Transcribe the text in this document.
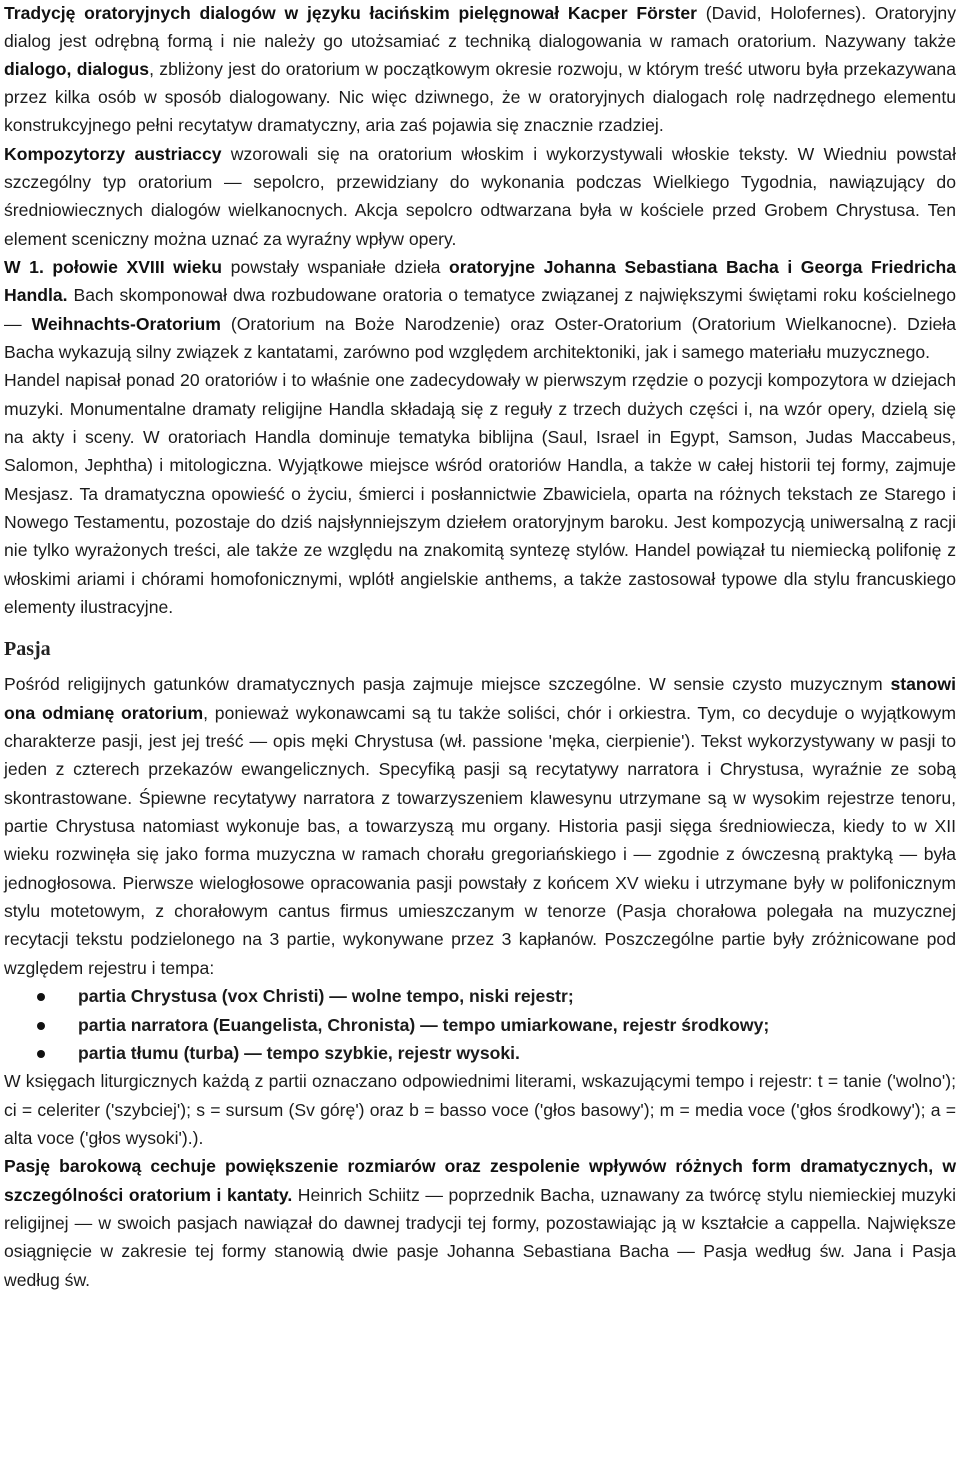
Tradycję oratoryjnych dialogów w języku łacińskim pielęgnował Kacper Förster (David, Holofernes). Oratoryjny dialog jest odrębną formą i nie należy go utożsamiać z techniką dialogowania w ramach oratorium. Nazywany także dialogo, dialogus, zbliżony jest do oratorium w początkowym okresie rozwoju, w którym treść utworu była przekazywana przez kilka osób w sposób dialogowany. Nic więc dziwnego, że w oratoryjnych dialogach rolę nadrzędnego elementu konstrukcyjnego pełni recytatyw dramatyczny, aria zaś pojawia się znacznie rzadziej.

Kompozytorzy austriaccy wzorowali się na oratorium włoskim i wykorzystywali włoskie teksty. W Wiedniu powstał szczególny typ oratorium — sepolcro, przewidziany do wykonania podczas Wielkiego Tygodnia, nawiązujący do średniowiecznych dialogów wielkanocnych. Akcja sepolcro odtwarzana była w kościele przed Grobem Chrystusa. Ten element sceniczny można uznać za wyraźny wpływ opery.

W 1. połowie XVIII wieku powstały wspaniałe dzieła oratoryjne Johanna Sebastiana Bacha i Georga Friedricha Handla. Bach skomponował dwa rozbudowane oratoria o tematyce związanej z największymi świętami roku kościelnego — Weihnachts-Oratorium (Oratorium na Boże Narodzenie) oraz Oster-Oratorium (Oratorium Wielkanocne). Dzieła Bacha wykazują silny związek z kantatami, zarówno pod względem architektoniki, jak i samego materiału muzycznego.

Handel napisał ponad 20 oratoriów i to właśnie one zadecydowały w pierwszym rzędzie o pozycji kompozytora w dziejach muzyki. Monumentalne dramaty religijne Handla składają się z reguły z trzech dużych części i, na wzór opery, dzielą się na akty i sceny. W oratoriach Handla dominuje tematyka biblijna (Saul, Israel in Egypt, Samson, Judas Maccabeus, Salomon, Jephtha) i mitologiczna. Wyjątkowe miejsce wśród oratoriów Handla, a także w całej historii tej formy, zajmuje Mesjasz. Ta dramatyczna opowieść o życiu, śmierci i posłannictwie Zbawiciela, oparta na różnych tekstach ze Starego i Nowego Testamentu, pozostaje do dziś najsłynniejszym dziełem oratoryjnym baroku. Jest kompozycją uniwersalną z racji nie tylko wyrażonych treści, ale także ze względu na znakomitą syntezę stylów. Handel powiązał tu niemiecką polifonię z włoskimi ariami i chórami homofonicznymi, wplótł angielskie anthems, a także zastosował typowe dla stylu francuskiego elementy ilustracyjne.

Pasja

Pośród religijnych gatunków dramatycznych pasja zajmuje miejsce szczególne. W sensie czysto muzycznym stanowi ona odmianę oratorium, ponieważ wykonawcami są tu także soliści, chór i orkiestra. Tym, co decyduje o wyjątkowym charakterze pasji, jest jej treść — opis męki Chrystusa (wł. passione 'męka, cierpienie'). Tekst wykorzystywany w pasji to jeden z czterech przekazów ewangelicznych. Specyfiką pasji są recytatywy narratora i Chrystusa, wyraźnie ze sobą skontrastowane. Śpiewne recytatywy narratora z towarzyszeniem klawesynu utrzymane są w wysokim rejestrze tenoru, partie Chrystusa natomiast wykonuje bas, a towarzyszą mu organy. Historia pasji sięga średniowiecza, kiedy to w XII wieku rozwinęła się jako forma muzyczna w ramach chorału gregoriańskiego i — zgodnie z ówczesną praktyką — była jednogłosowa. Pierwsze wielogłosowe opracowania pasji powstały z końcem XV wieku i utrzymane były w polifonicznym stylu motetowym, z chorałowym cantus firmus umieszczanym w tenorze (Pasja chorałowa polegała na muzycznej recytacji tekstu podzielonego na 3 partie, wykonywane przez 3 kapłanów. Poszczególne partie były zróżnicowane pod względem rejestru i tempa:

partia Chrystusa (vox Christi) — wolne tempo, niski rejestr;
partia narratora (Euangelista, Chronista) — tempo umiarkowane, rejestr środkowy;
partia tłumu (turba) — tempo szybkie, rejestr wysoki.

W księgach liturgicznych każdą z partii oznaczano odpowiednimi literami, wskazującymi tempo i rejestr: t = tanie ('wolno'); ci = celeriter ('szybciej'); s = sursum (Sv górę') oraz b = basso voce ('głos basowy'); m = media voce ('głos środkowy'); a = alta voce ('głos wysoki').).

Pasję barokową cechuje powiększenie rozmiarów oraz zespolenie wpływów różnych form dramatycznych, w szczególności oratorium i kantaty. Heinrich Schiitz — poprzednik Bacha, uznawany za twórcę stylu niemieckiej muzyki religijnej — w swoich pasjach nawiązał do dawnej tradycji tej formy, pozostawiając ją w kształcie a cappella. Największe osiągnięcie w zakresie tej formy stanowią dwie pasje Johanna Sebastiana Bacha — Pasja według św. Jana i Pasja według św.
